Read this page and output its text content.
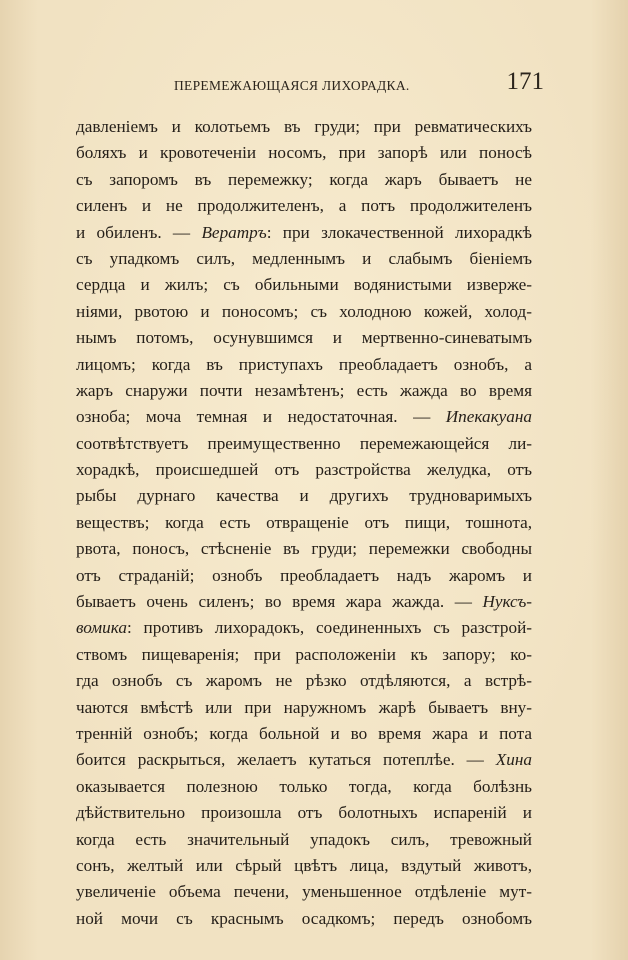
ПЕРЕМЕЖАЮЩАЯСЯ ЛИХОРАДКА.	171
давленіемъ и колотьемъ въ груди; при ревматическихъ
боляхъ и кровотеченіи носомъ, при запорѣ или поносѣ
съ запоромъ въ перемежку; когда жаръ бываетъ не
силенъ и не продолжителенъ, а потъ продолжителенъ
и обиленъ. — Вератръ: при злокачественной лихорадкѣ
съ упадкомъ силъ, медленнымъ и слабымъ біеніемъ
сердца и жилъ; съ обильными водянистыми изверже-
ніями, рвотою и поносомъ; съ холодною кожей, холод-
нымъ потомъ, осунувшимся и мертвенно-синеватымъ
лицомъ; когда въ приступахъ преобладаетъ ознобъ, а
жаръ снаружи почти незамѣтенъ; есть жажда во время
озноба; моча темная и недостаточная. — Ипекакуана
соотвѣтствуетъ преимущественно перемежающейся ли-
хорадкѣ, происшедшей отъ разстройства желудка, отъ
рыбы дурнаго качества и другихъ трудноваримыхъ
веществъ; когда есть отвращеніе отъ пищи, тошнота,
рвота, поносъ, стѣсненіе въ груди; перемежки свободны
отъ страданій; ознобъ преобладаетъ надъ жаромъ и
бываетъ очень силенъ; во время жара жажда. — Нуксъ-
вомика: противъ лихорадокъ, соединенныхъ съ разстрой-
ствомъ пищеваренія; при расположеніи къ запору; ко-
гда ознобъ съ жаромъ не рѣзко отдѣляются, а встрѣ-
чаются вмѣстѣ или при наружномъ жарѣ бываетъ вну-
тренній ознобъ; когда больной и во время жара и пота
боится раскрыться, желаетъ кутаться потеплѣе. — Хина
оказывается полезною только тогда, когда болѣзнь
дѣйствительно произошла отъ болотныхъ испареній и
когда есть значительный упадокъ силъ, тревожный
сонъ, желтый или сѣрый цвѣтъ лица, вздутый животъ,
увеличеніе объема печени, уменьшенное отдѣленіе мут-
ной мочи съ краснымъ осадкомъ; передъ ознобомъ
